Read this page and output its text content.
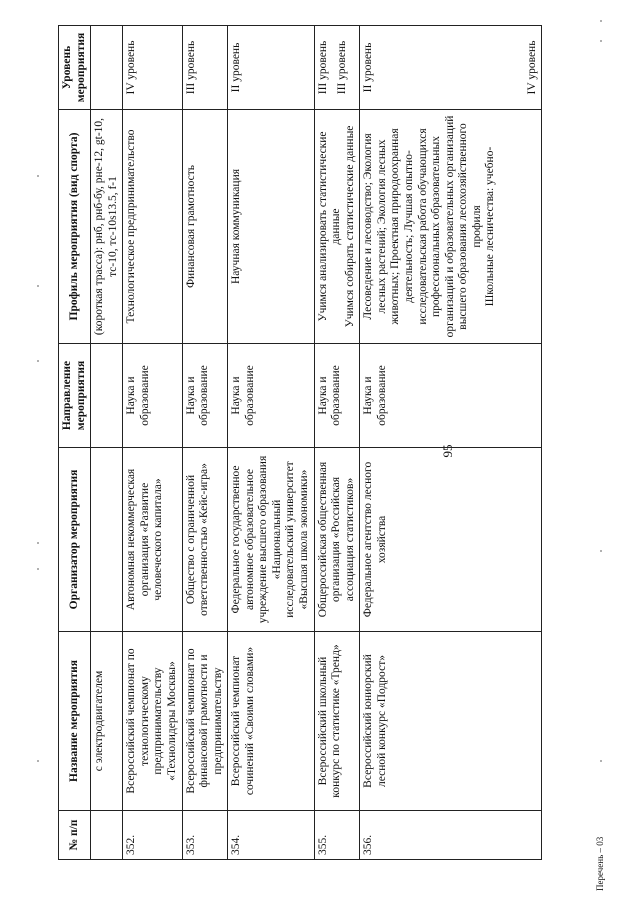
95
№ п/п	Название мероприятия	Организатор мероприятия	Направление мероприятия	Профиль мероприятия (вид спорта)	Уровень мероприятия
	с электродвигателем			(короткая трасса): рнб, рнб-бу, рне-12, gt-10, тс-10, тс-10s13.5, f-1	
352.	Всероссийский чемпионат по технологическому предпринимательству «Технолидеры Москвы»	Автономная некоммерческая организация «Развитие человеческого капитала»	Наука и образование	Технологическое предпринимательство	IV уровень
353.	Всероссийский чемпионат по финансовой грамотности и предпринимательству	Общество с ограниченной ответственностью «Кейс-игра»	Наука и образование	Финансовая грамотность	III уровень
354.	Всероссийский чемпионат сочинений «Своими словами»	Федеральное государственное автономное образовательное учреждение высшего образования «Национальный исследовательский университет «Высшая школа экономики»	Наука и образование	Научная коммуникация	II уровень
355.	Всероссийский школьный конкурс по статистике «Тренд»	Общероссийская общественная организация «Российская ассоциация статистиков»	Наука и образование	Учимся анализировать статистические данные Учимся собирать статистические данные	III уровень III уровень

356.	Всероссийский юниорский лесной конкурс «Подрост»	Федеральное агентство лесного хозяйства	Наука и образование	Лесоведение и лесоводство; Экология лесных растений; Экология лесных животных; Проектная природоохранная деятельность; Лучшая опытно-исследовательская работа обучающихся профессиональных образовательных организаций и образовательных организаций высшего образования лесохозяйственного профиля Школьные лесничества: учебно-	II уровень IV уровень
Перечень – 03
